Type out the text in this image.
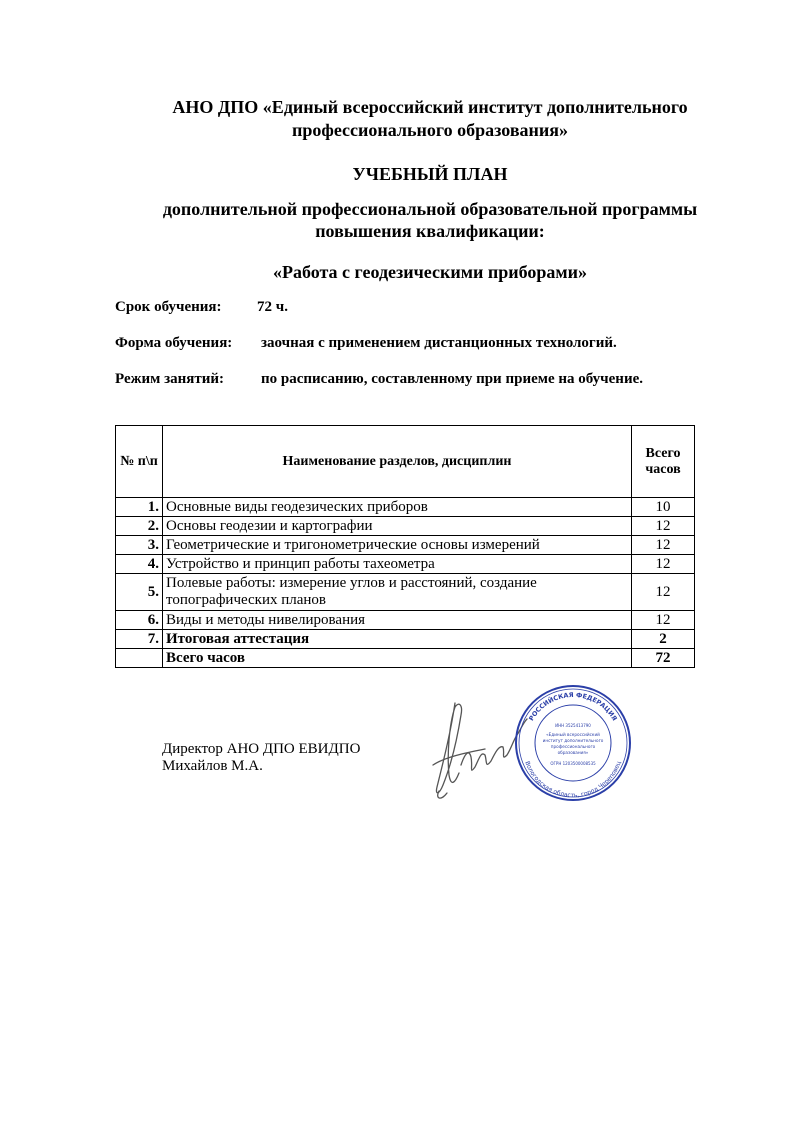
АНО ДПО «Единый всероссийский институт дополнительного
профессионального образования»
УЧЕБНЫЙ ПЛАН
дополнительной профессиональной образовательной программы
повышения квалификации:
«Работа с геодезическими приборами»
Срок обучения: 72 ч.
Форма обучения: заочная с применением дистанционных технологий.
Режим занятий: по расписанию, составленному при приеме на обучение.
№ п\п	Наименование разделов, дисциплин	Всего
часов

1.	Основные виды геодезических приборов	10
2.	Основы геодезии и картографии	12
3.	Геометрические и тригонометрические основы измерений	12
4.	Устройство и принцип работы тахеометра	12
5.	Полевые работы: измерение углов и расстояний, создание
топографических планов	12
6.	Виды и методы нивелирования	12
7.	Итоговая аттестация	2
	Всего часов	72
Директор АНО ДПО ЕВИДПО
Михайлов М.А.
РОССИЙСКАЯ ФЕДЕРАЦИЯ
Вологодская область, город Череповец
ИНН 3525413790
«Единый всероссийский
институт дополнительного
профессионального
образования»
ОГРН 1203500008535
